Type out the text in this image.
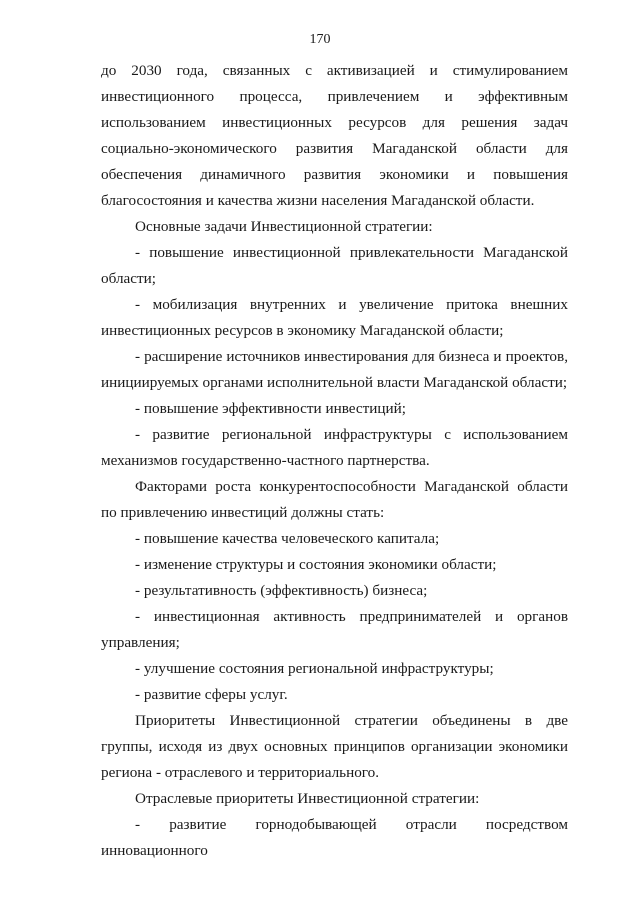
170

до 2030 года, связанных с активизацией и стимулированием инвестиционного процесса, привлечением и эффективным использованием инвестиционных ресурсов для решения задач социально-экономического развития Магаданской области для обеспечения динамичного развития экономики и повышения благосостояния и качества жизни населения Магаданской области.

Основные задачи Инвестиционной стратегии:

- повышение инвестиционной привлекательности Магаданской области;

- мобилизация внутренних и увеличение притока внешних инвестиционных ресурсов в экономику Магаданской области;

- расширение источников инвестирования для бизнеса и проектов, инициируемых органами исполнительной власти Магаданской области;

- повышение эффективности инвестиций;

- развитие региональной инфраструктуры с использованием механизмов государственно-частного партнерства.

Факторами роста конкурентоспособности Магаданской области по привлечению инвестиций должны стать:

- повышение качества человеческого капитала;

- изменение структуры и состояния экономики области;

- результативность (эффективность) бизнеса;

- инвестиционная активность предпринимателей и органов управления;

- улучшение состояния региональной инфраструктуры;

- развитие сферы услуг.

Приоритеты Инвестиционной стратегии объединены в две группы, исходя из двух основных принципов организации экономики региона - отраслевого и территориального.

Отраслевые приоритеты Инвестиционной стратегии:

- развитие горнодобывающей отрасли посредством инновационного
